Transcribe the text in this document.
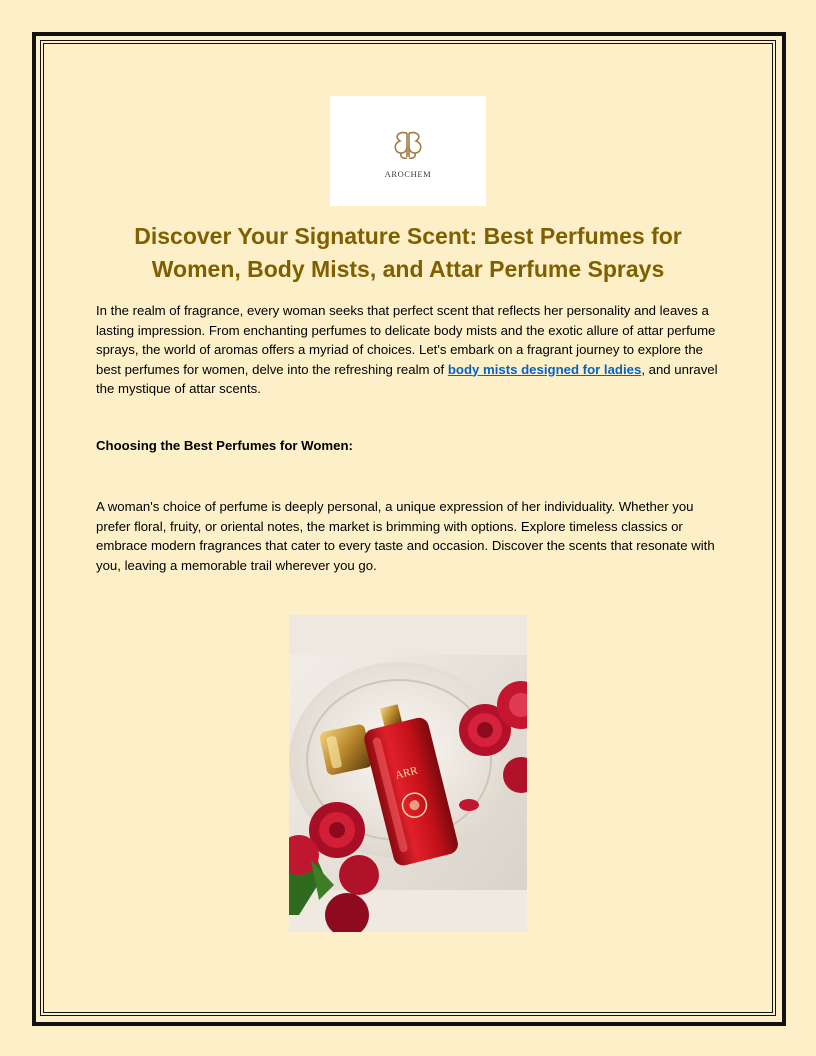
AROCHEM
Discover Your Signature Scent: Best Perfumes for Women, Body Mists, and Attar Perfume Sprays

In the realm of fragrance, every woman seeks that perfect scent that reflects her personality and leaves a lasting impression. From enchanting perfumes to delicate body mists and the exotic allure of attar perfume sprays, the world of aromas offers a myriad of choices. Let's embark on a fragrant journey to explore the best perfumes for women, delve into the refreshing realm of body mists designed for ladies, and unravel the mystique of attar scents.

Choosing the Best Perfumes for Women:

A woman's choice of perfume is deeply personal, a unique expression of her individuality. Whether you prefer floral, fruity, or oriental notes, the market is brimming with options. Explore timeless classics or embrace modern fragrances that cater to every taste and occasion. Discover the scents that resonate with you, leaving a memorable trail wherever you go.

ARR
